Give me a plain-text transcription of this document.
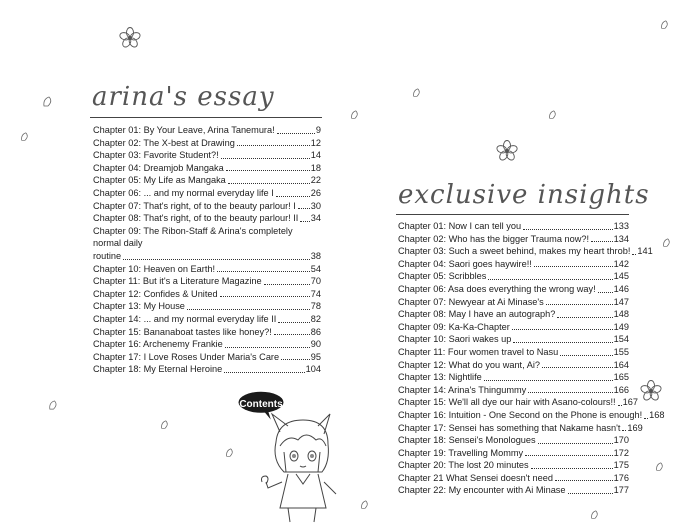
arina's essay
Chapter 01: By Your Leave, Arina Tanemura!	9
Chapter 02: The X-best at Drawing	12
Chapter 03: Favorite Student?!	14
Chapter 04: Dreamjob Mangaka	18
Chapter 05: My Life as Mangaka	22
Chapter 06: ... and my normal everyday life I	26
Chapter 07: That's right, of to the beauty parlour! I 30
Chapter 08: That's right, of to the beauty parlour! II 34
Chapter 09: The Ribon-Staff & Arina's completely normal daily
routine	38
Chapter 10: Heaven on Earth!	54
Chapter 11: But it's a Literature Magazine	70
Chapter 12: Confides & United	74
Chapter 13: My House	78
Chapter 14: ... and my normal everyday life II	82
Chapter 15: Bananaboat tastes like honey?!	86
Chapter 16: Archenemy Frankie	90
Chapter 17: I Love Roses Under Maria's Care	95
Chapter 18: My Eternal Heroine	104
exclusive insights
Chapter 01: Now I can tell you	133
Chapter 02: Who has the bigger Trauma now?!	134
Chapter 03: Such a sweet behind, makes my heart throb! 141
Chapter 04: Saori goes haywire!!	142
Chapter 05: Scribbles	145
Chapter 06: Asa does everything the wrong way! 146
Chapter 07: Newyear at Ai Minase's	147
Chapter 08: May I have an autograph?	148
Chapter 09: Ka-Ka-Chapter	149
Chapter 10: Saori wakes up	154
Chapter 11: Four women travel to Nasu	155
Chapter 12: What do you want, Ai?	164
Chapter 13: Nightlife	165
Chapter 14: Arina's Thingummy	166
Chapter 15: We'll all dye our hair with Asano-colours!! 167
Chapter 16: Intuition - One Second on the Phone is enough! 168
Chapter 17: Sensei has something that Nakame hasn't 169
Chapter 18: Sensei's Monologues	170
Chapter 19: Travelling Mommy	172
Chapter 20: The lost 20 minutes	175
Chapter 21 What Sensei doesn't need	176
Chapter 22: My encounter with Ai Minase	177
Contents
